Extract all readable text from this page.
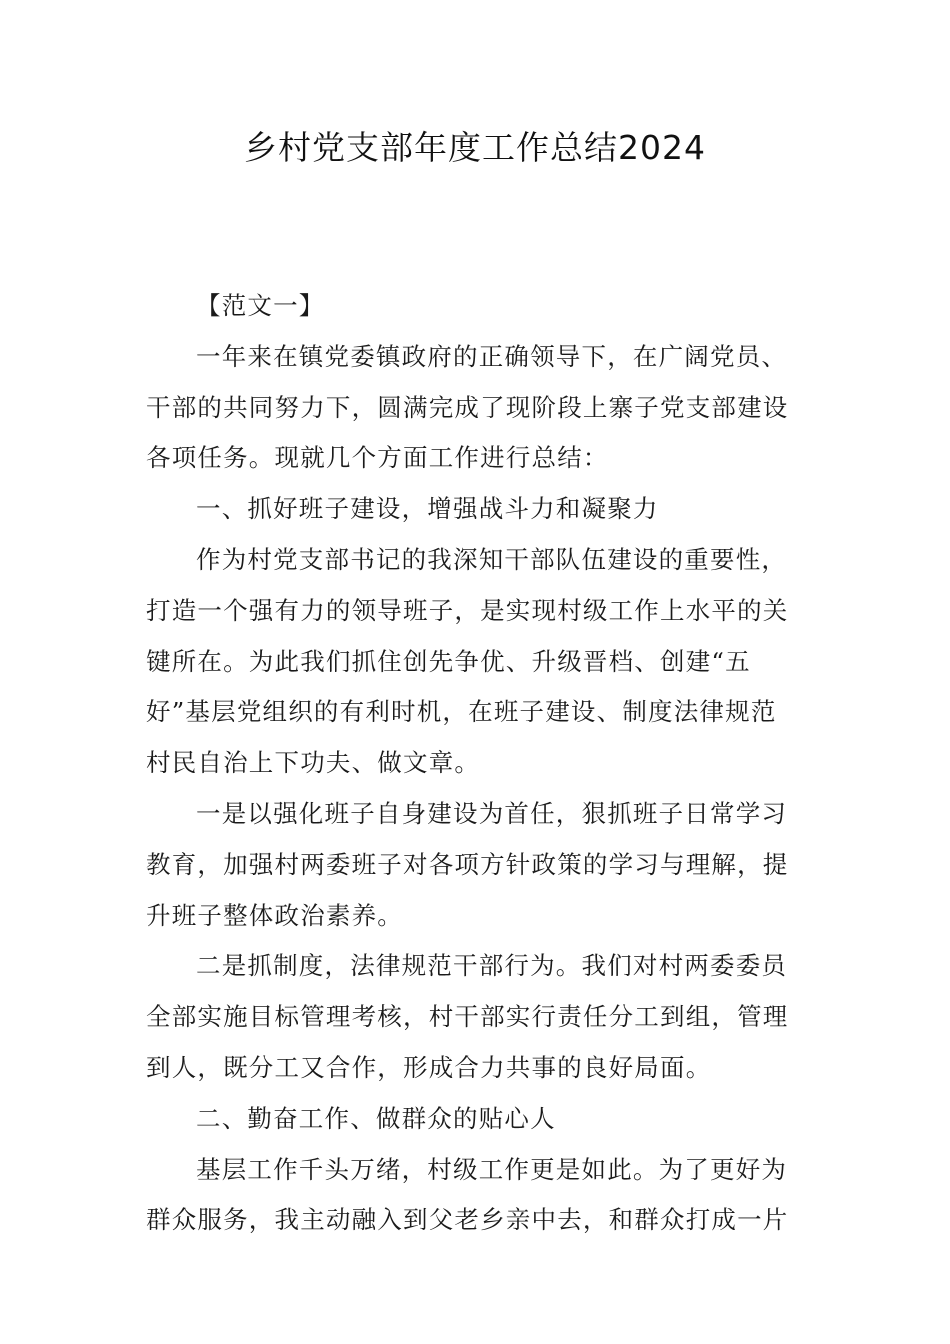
乡村党支部年度工作总结2024
【范文一】
一年来在镇党委镇政府的正确领导下，在广阔党员、
干部的共同努力下，圆满完成了现阶段上寨子党支部建设
各项任务。现就几个方面工作进行总结：
一、抓好班子建设，增强战斗力和凝聚力
作为村党支部书记的我深知干部队伍建设的重要性，
打造一个强有力的领导班子，是实现村级工作上水平的关
键所在。为此我们抓住创先争优、升级晋档、创建“五
好”基层党组织的有利时机，在班子建设、制度法律规范
村民自治上下功夫、做文章。
一是以强化班子自身建设为首任，狠抓班子日常学习
教育，加强村两委班子对各项方针政策的学习与理解，提
升班子整体政治素养。
二是抓制度，法律规范干部行为。我们对村两委委员
全部实施目标管理考核，村干部实行责任分工到组，管理
到人，既分工又合作，形成合力共事的良好局面。
二、勤奋工作、做群众的贴心人
基层工作千头万绪，村级工作更是如此。为了更好为
群众服务，我主动融入到父老乡亲中去，和群众打成一片
